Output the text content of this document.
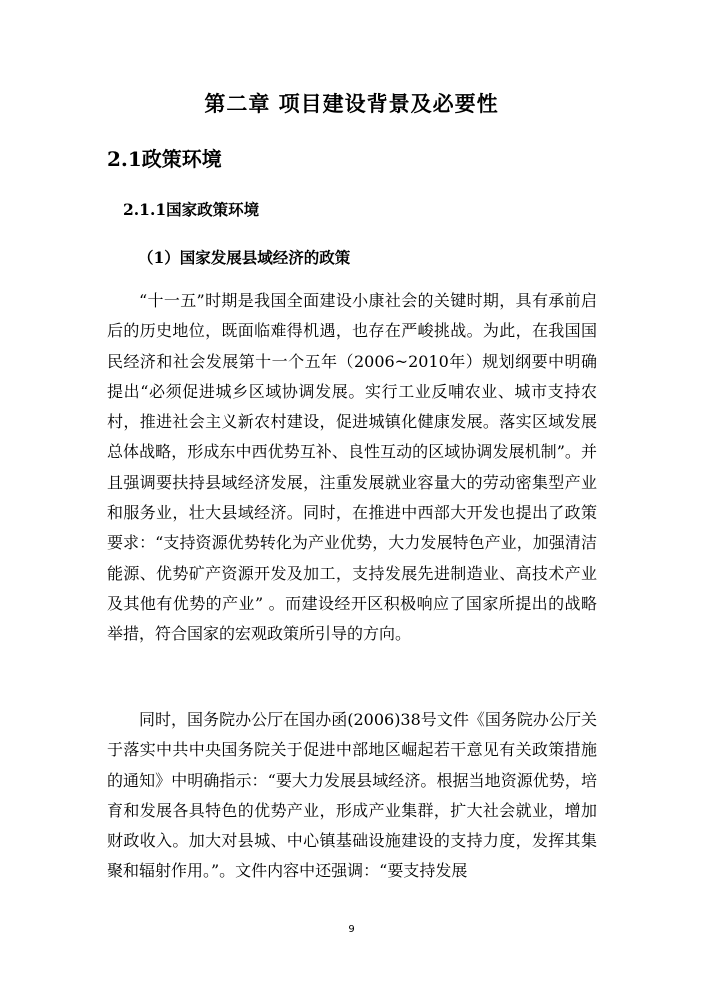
第二章 项目建设背景及必要性
2.1政策环境
2.1.1国家政策环境
（1）国家发展县域经济的政策

“十一五”时期是我国全面建设小康社会的关键时期，具有承前启后的历史地位，既面临难得机遇，也存在严峻挑战。为此，在我国国民经济和社会发展第十一个五年（2006~2010年）规划纲要中明确提出“必须促进城乡区域协调发展。实行工业反哺农业、城市支持农村，推进社会主义新农村建设，促进城镇化健康发展。落实区域发展总体战略，形成东中西优势互补、良性互动的区域协调发展机制”。并且强调要扶持县域经济发展，注重发展就业容量大的劳动密集型产业和服务业，壮大县域经济。同时，在推进中西部大开发也提出了政策要求：“支持资源优势转化为产业优势，大力发展特色产业，加强清洁能源、优势矿产资源开发及加工，支持发展先进制造业、高技术产业及其他有优势的产业” 。而建设经开区积极响应了国家所提出的战略举措，符合国家的宏观政策所引导的方向。

同时，国务院办公厅在国办函(2006)38号文件《国务院办公厅关于落实中共中央国务院关于促进中部地区崛起若干意见有关政策措施的通知》中明确指示：“要大力发展县域经济。根据当地资源优势，培育和发展各具特色的优势产业，形成产业集群，扩大社会就业，增加财政收入。加大对县城、中心镇基础设施建设的支持力度，发挥其集聚和辐射作用。”。文件内容中还强调：“要支持发展

9
